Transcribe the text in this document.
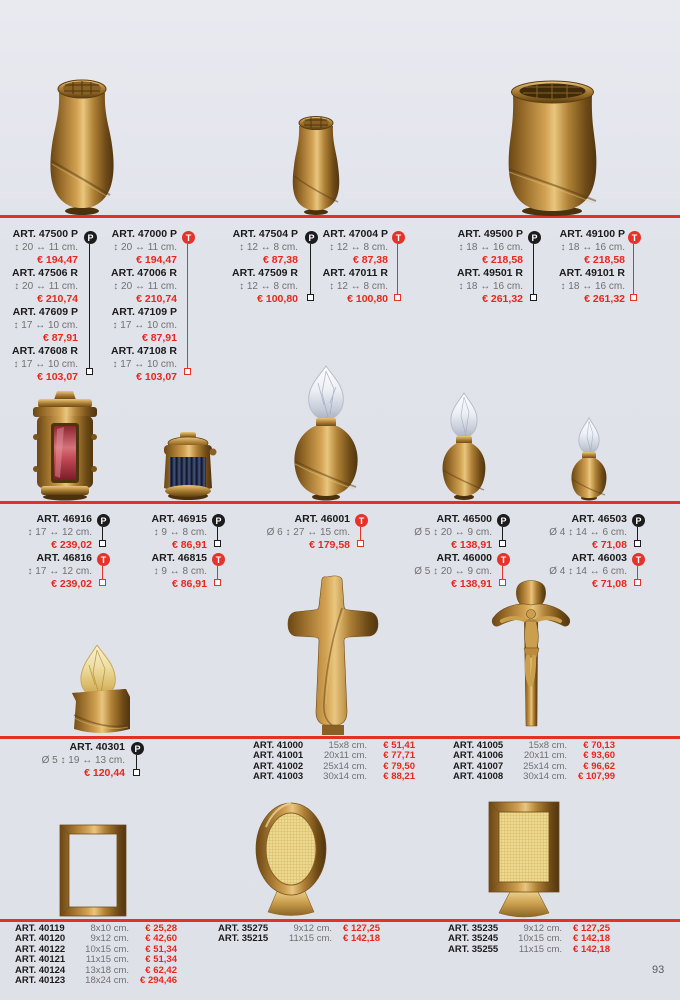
ART. 47500 P
↕ 20 ↔ 11 cm.
€ 194,47
ART. 47506 R
↕ 20 ↔ 11 cm.
€ 210,74
ART. 47609 P
↕ 17 ↔ 10 cm.
€ 87,91
ART. 47608 R
↕ 17 ↔ 10 cm.
€ 103,07
P	ART. 47000 P
↕ 20 ↔ 11 cm.
€ 194,47
ART. 47006 R
↕ 20 ↔ 11 cm.
€ 210,74
ART. 47109 P
↕ 17 ↔ 10 cm.
€ 87,91
ART. 47108 R
↕ 17 ↔ 10 cm.
€ 103,07
T	ART. 47504 P
↕ 12 ↔ 8 cm.
€ 87,38
ART. 47509 R
↕ 12 ↔ 8 cm.
€ 100,80
P ART. 47004 P
↕ 12 ↔ 8 cm.
€ 87,38
ART. 47011 R
↕ 12 ↔ 8 cm.
€ 100,80
T	ART. 49500 P
↕ 18 ↔ 16 cm.
€ 218,58
ART. 49501 R
↕ 18 ↔ 16 cm.
€ 261,32
P	ART. 49100 P
↕ 18 ↔ 16 cm.
€ 218,58
ART. 49101 R
↕ 18 ↔ 16 cm.
€ 261,32
T
ART. 46916
↕ 17 ↔ 12 cm.
€ 239,02
P
ART. 46816
↕ 17 ↔ 12 cm.
€ 239,02
T
ART. 46915
↕ 9 ↔ 8 cm.
€ 86,91
P
ART. 46815
↕ 9 ↔ 8 cm.
€ 86,91
T
ART. 46001
Ø 6 ↕ 27 ↔ 15 cm.
€ 179,58
T	ART. 46500
Ø 5 ↕ 20 ↔ 9 cm.
€ 138,91
P
ART. 46000
Ø 5 ↕ 20 ↔ 9 cm.
€ 138,91
T
ART. 46503
Ø 4 ↕ 14 ↔ 6 cm.
€ 71,08
P
ART. 46003
Ø 4 ↕ 14 ↔ 6 cm.
€ 71,08
T
ART. 40301
Ø 5 ↕ 19 ↔ 13 cm.
€ 120,44
P	ART. 41000	15x8 cm.	€ 51,41
ART. 41001	20x11 cm.	€ 77,71
ART. 41002	25x14 cm.	€ 79,50
ART. 41003	30x14 cm.	€ 88,21
ART. 41005	15x8 cm.	€ 70,13
ART. 41006	20x11 cm.	€ 93,60
ART. 41007	25x14 cm.	€ 96,62
ART. 41008	30x14 cm.	€ 107,99
ART. 40119	8x10 cm.	€ 25,28
ART. 40120	9x12 cm.	€ 42,60
ART. 40122	10x15 cm.	€ 51,34
ART. 40121	11x15 cm.	€ 51,34
ART. 40124	13x18 cm.	€ 62,42
ART. 40123	18x24 cm.	€ 294,46
ART. 35275	9x12 cm.	€ 127,25
ART. 35215	11x15 cm.	€ 142,18
ART. 35235	9x12 cm.	€ 127,25
ART. 35245	10x15 cm.	€ 142,18
ART. 35255	11x15 cm.	€ 142,18
93
